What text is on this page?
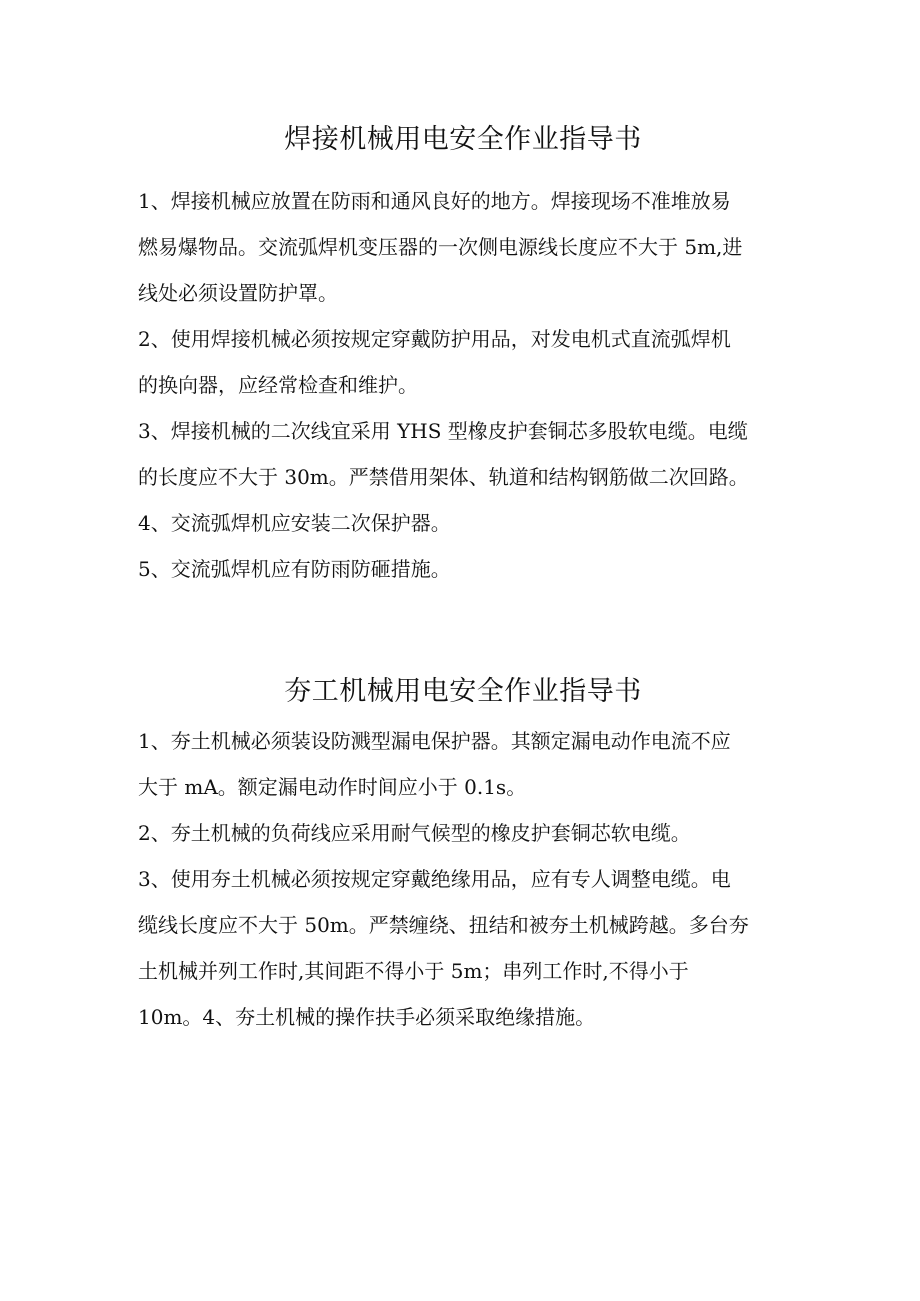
焊接机械用电安全作业指导书
1、焊接机械应放置在防雨和通风良好的地方。焊接现场不准堆放易
燃易爆物品。交流弧焊机变压器的一次侧电源线长度应不大于 5m,进
线处必须设置防护罩。
2、使用焊接机械必须按规定穿戴防护用品，对发电机式直流弧焊机
的换向器，应经常检查和维护。
3、焊接机械的二次线宜采用 YHS 型橡皮护套铜芯多股软电缆。电缆
的长度应不大于 30m。严禁借用架体、轨道和结构钢筋做二次回路。
4、交流弧焊机应安装二次保护器。
5、交流弧焊机应有防雨防砸措施。
夯工机械用电安全作业指导书
1、夯土机械必须装设防溅型漏电保护器。其额定漏电动作电流不应
大于 mA。额定漏电动作时间应小于 0.1s。
2、夯土机械的负荷线应采用耐气候型的橡皮护套铜芯软电缆。
3、使用夯土机械必须按规定穿戴绝缘用品，应有专人调整电缆。电
缆线长度应不大于 50m。严禁缠绕、扭结和被夯土机械跨越。多台夯
土机械并列工作时,其间距不得小于 5m；串列工作时,不得小于
10m。4、夯土机械的操作扶手必须采取绝缘措施。
